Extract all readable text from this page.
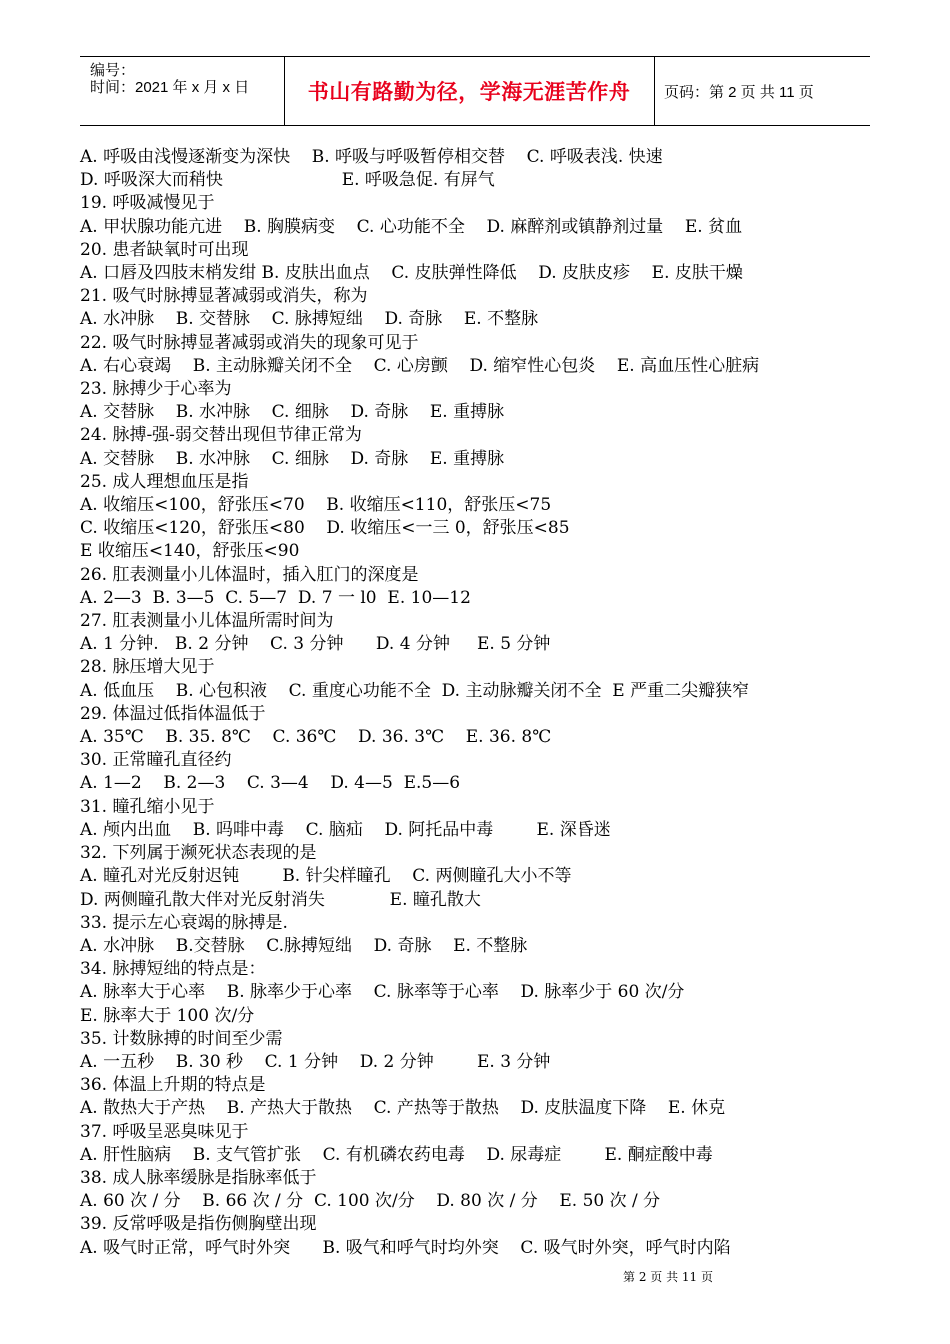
编号：
时间：2021 年 x 月 x 日	书山有路勤为径，学海无涯苦作舟	页码：第 2 页 共 11 页
A. 呼吸由浅慢逐渐变为深快    B. 呼吸与呼吸暂停相交替    C. 呼吸表浅. 快速
D. 呼吸深大而稍快                      E. 呼吸急促. 有屏气
19. 呼吸减慢见于
A. 甲状腺功能亢进    B. 胸膜病变    C. 心功能不全    D. 麻醉剂或镇静剂过量    E. 贫血
20. 患者缺氧时可出现
A. 口唇及四肢末梢发绀 B. 皮肤出血点    C. 皮肤弹性降低    D. 皮肤皮疹    E. 皮肤干燥
21. 吸气时脉搏显著减弱或消失，称为
A. 水冲脉    B. 交替脉    C. 脉搏短绌    D. 奇脉    E. 不整脉
22. 吸气时脉搏显著减弱或消失的现象可见于
A. 右心衰竭    B. 主动脉瓣关闭不全    C. 心房颤    D. 缩窄性心包炎    E. 高血压性心脏病
23. 脉搏少于心率为
A. 交替脉    B. 水冲脉    C. 细脉    D. 奇脉    E. 重搏脉
24. 脉搏-强-弱交替出现但节律正常为
A. 交替脉    B. 水冲脉    C. 细脉    D. 奇脉    E. 重搏脉
25. 成人理想血压是指
A. 收缩压<100，舒张压<70    B. 收缩压<110，舒张压<75
C. 收缩压<120，舒张压<80    D. 收缩压<一三 0，舒张压<85
E 收缩压<140，舒张压<90
26. 肛表测量小儿体温时，插入肛门的深度是
A. 2—3  B. 3—5  C. 5—7  D. 7 一 l0  E. 10—12
27. 肛表测量小儿体温所需时间为
A. 1 分钟.   B. 2 分钟    C. 3 分钟      D. 4 分钟     E. 5 分钟
28. 脉压增大见于
A. 低血压    B. 心包积液    C. 重度心功能不全  D. 主动脉瓣关闭不全  E 严重二尖瓣狭窄
29. 体温过低指体温低于
A. 35℃    B. 35. 8℃    C. 36℃    D. 36. 3℃    E. 36. 8℃
30. 正常瞳孔直径约
A. 1—2    B. 2—3    C. 3—4    D. 4—5  E.5—6
31. 瞳孔缩小见于
A. 颅内出血    B. 吗啡中毒    C. 脑疝    D. 阿托品中毒        E. 深昏迷
32. 下列属于濒死状态表现的是
A. 瞳孔对光反射迟钝        B. 针尖样瞳孔    C. 两侧瞳孔大小不等
D. 两侧瞳孔散大伴对光反射消失            E. 瞳孔散大
33. 提示左心衰竭的脉搏是.
A. 水冲脉    B.交替脉    C.脉搏短绌    D. 奇脉    E. 不整脉
34. 脉搏短绌的特点是：
A. 脉率大于心率    B. 脉率少于心率    C. 脉率等于心率    D. 脉率少于 60 次/分
E. 脉率大于 100 次/分
35. 计数脉搏的时间至少需
A. 一五秒    B. 30 秒    C. 1 分钟    D. 2 分钟        E. 3 分钟
36. 体温上升期的特点是
A. 散热大于产热    B. 产热大于散热    C. 产热等于散热    D. 皮肤温度下降    E. 休克
37. 呼吸呈恶臭味见于
A. 肝性脑病    B. 支气管扩张    C. 有机磷农药电毒    D. 尿毒症        E. 酮症酸中毒
38. 成人脉率缓脉是指脉率低于
A. 60 次 / 分    B. 66 次 / 分  C. 100 次/分    D. 80 次 / 分    E. 50 次 / 分
39. 反常呼吸是指伤侧胸壁出现
A. 吸气时正常，呼气时外突      B. 吸气和呼气时均外突    C. 吸气时外突，呼气时内陷
第 2 页 共 11 页
